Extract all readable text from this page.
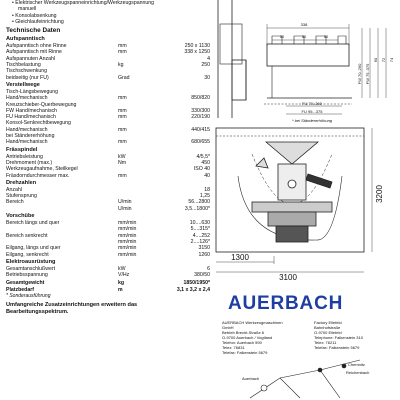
• Elektrischer Werkzeugspanneinrichtung/Werkzeugspannung
manuell
• Konsolabsenkung
• Gleichlaufeinrichtung
Technische Daten
Aufspanntisch
Aufspanntisch ohne Rinne	mm	250 x 1130
Aufspanntisch mit Rinne	mm	338 x 1250
Aufspannuten Anzahl	4
Tischbelastung	kg	250
Tischschwenkung
beidseitig (nur FU)	Grad	30
Verstellwege
Tisch-Längsbewegung
Hand/mechanisch	mm	850/820
Kreuzschieber-Querbewegung
FW Hand/mechanisch	mm	330/300
FU Hand/mechanisch	mm	220/190
Konsol-Senkrechtbewegung
Hand/mechanisch	mm	440/415
bei Ständererhöhung
Hand/mechanisch	mm	680/655
Frässpindel
Antriebsleistung	kW	4/5,5*
Drehmoment (max.)	Nm	450
Werkzeugaufnahme, Steilkegel	ISO 40
Fräsdorndurchmesser max.	mm	40
Drehzahlen
Anzahl	18
Stufensprung	1,25
Bereich	U/min	56...2800
U/min	3,5...1800*
Vorschübe
Bereich längs und quer	mm/min	10....630
mm/min	5....315*
Bereich senkrecht	mm/min	4....252
mm/min	2....126*
Eilgang, längs und quer	mm/min	3150
Eilgang, senkrecht	mm/min	1260
Elektroausrüstung
Gesamtanschlußwert	kW	6
Betriebsspannung	V/Hz	380/50
Gesamtgewicht	kg	1850/1950*
Platzbedarf	m	3,1 x 3,2 x 2,4
* Sonderausführung
Umfangreiche Zusatzeinrichtungen erweitern das
Bearbeitungsspektrum.
338
50	50	50
FW 70..260 FW 75..375
FU 70..260
FU 95...375
60 72 74
* bei Ständererhöhung
1300
3100
3200
AUERBACH
AUERBACH Werkzeugmaschinen
GmbH
Betrieb Brecht-Straße 6
O-9700 Auerbach / Vogtland
Telefon: Auerbach 590
Telex: 76831
Telefax: Falkenstein 5679
Factory Ellefeld
Bahnhofstraße
O-9700 Ellefeld
Telephone: Falkenstein 310
Telex: 76211
Telefax: Falkenstein 5679
Chemnitz
Reichenbach
Auerbach
